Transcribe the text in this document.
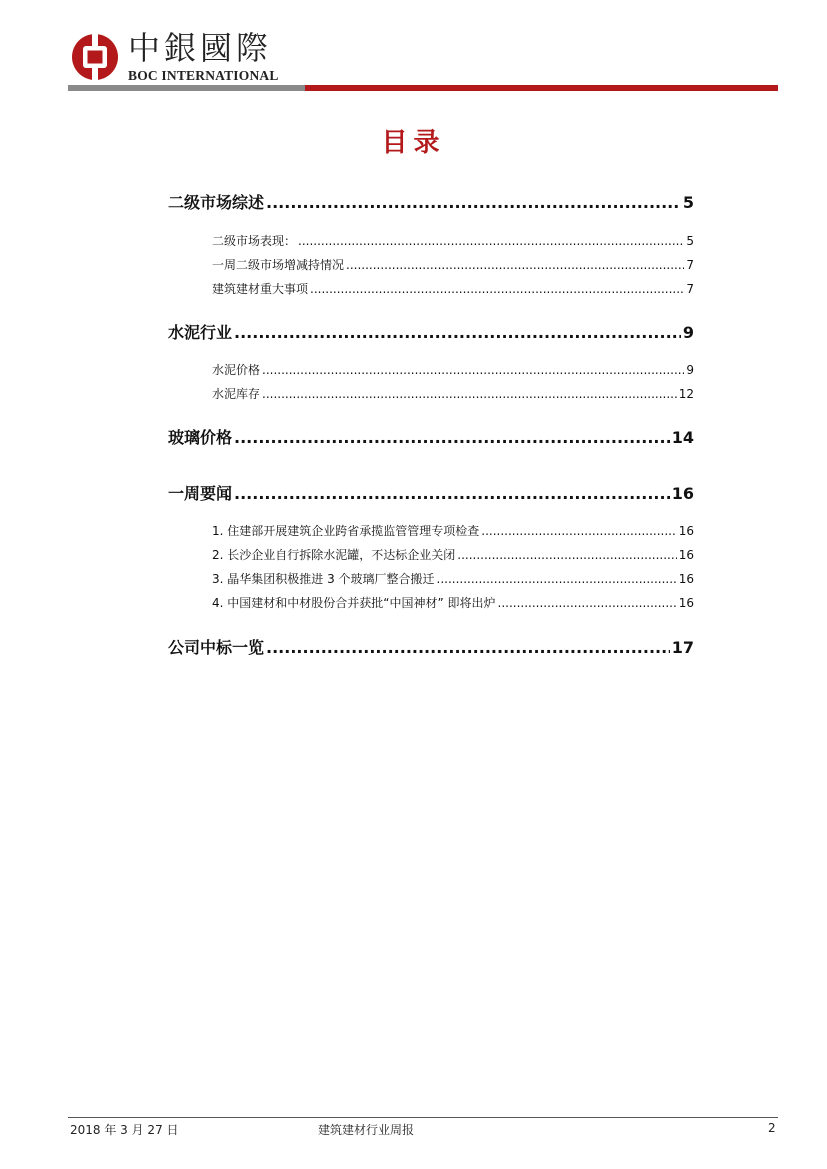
中銀國際
BOC INTERNATIONAL
目录
二级市场综述 .....	5
二级市场表现： .....	5
一周二级市场增减持情况 .....	7
建筑建材重大事项 .....	7
水泥行业 .....	9
水泥价格 .....	9
水泥库存 .....	12
玻璃价格 .....	14
一周要闻 .....	16
1. 住建部开展建筑企业跨省承揽监管管理专项检查 .....	16
2. 长沙企业自行拆除水泥罐，不达标企业关闭 .....	16
3. 晶华集团积极推进 3 个玻璃厂整合搬迁 .....	16
4. 中国建材和中材股份合并获批“中国神材” 即将出炉 .....	16
公司中标一览 .....	17
2018 年 3 月 27 日	建筑建材行业周报	2
